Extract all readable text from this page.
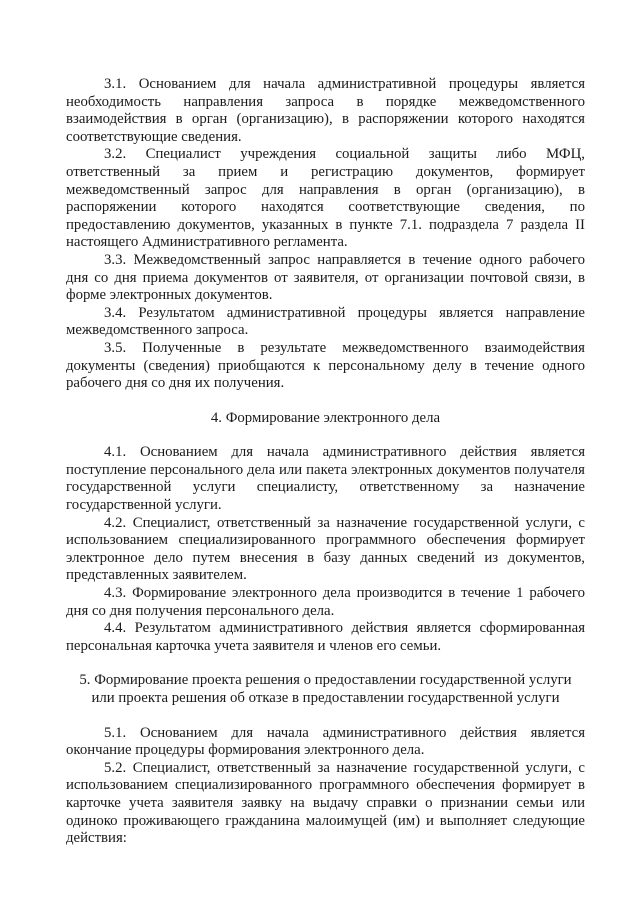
3.1. Основанием для начала административной процедуры является необходимость направления запроса в порядке межведомственного взаимодействия в орган (организацию), в распоряжении которого находятся соответствующие сведения.

3.2. Специалист учреждения социальной защиты либо МФЦ, ответственный за прием и регистрацию документов, формирует межведомственный запрос для направления в орган (организацию), в распоряжении которого находятся соответствующие сведения, по предоставлению документов, указанных в пункте 7.1. подраздела 7 раздела II настоящего Административного регламента.

3.3. Межведомственный запрос направляется в течение одного рабочего дня со дня приема документов от заявителя, от организации почтовой связи, в форме электронных документов.

3.4. Результатом административной процедуры является направление межведомственного запроса.

3.5. Полученные в результате межведомственного взаимодействия документы (сведения) приобщаются к персональному делу в течение одного рабочего дня со дня их получения.

4. Формирование электронного дела

4.1. Основанием для начала административного действия является поступление персонального дела или пакета электронных документов получателя государственной услуги специалисту, ответственному за назначение государственной услуги.

4.2. Специалист, ответственный за назначение государственной услуги, с использованием специализированного программного обеспечения формирует электронное дело путем внесения в базу данных сведений из документов, представленных заявителем.

4.3. Формирование электронного дела производится в течение 1 рабочего дня со дня получения персонального дела.

4.4. Результатом административного действия является сформированная персональная карточка учета заявителя и членов его семьи.

5. Формирование проекта решения о предоставлении государственной услуги

или проекта решения об отказе в предоставлении государственной услуги

5.1. Основанием для начала административного действия является окончание процедуры формирования электронного дела.

5.2. Специалист, ответственный за назначение государственной услуги, с использованием специализированного программного обеспечения формирует в карточке учета заявителя заявку на выдачу справки о признании семьи или одиноко проживающего гражданина малоимущей (им) и выполняет следующие действия:
